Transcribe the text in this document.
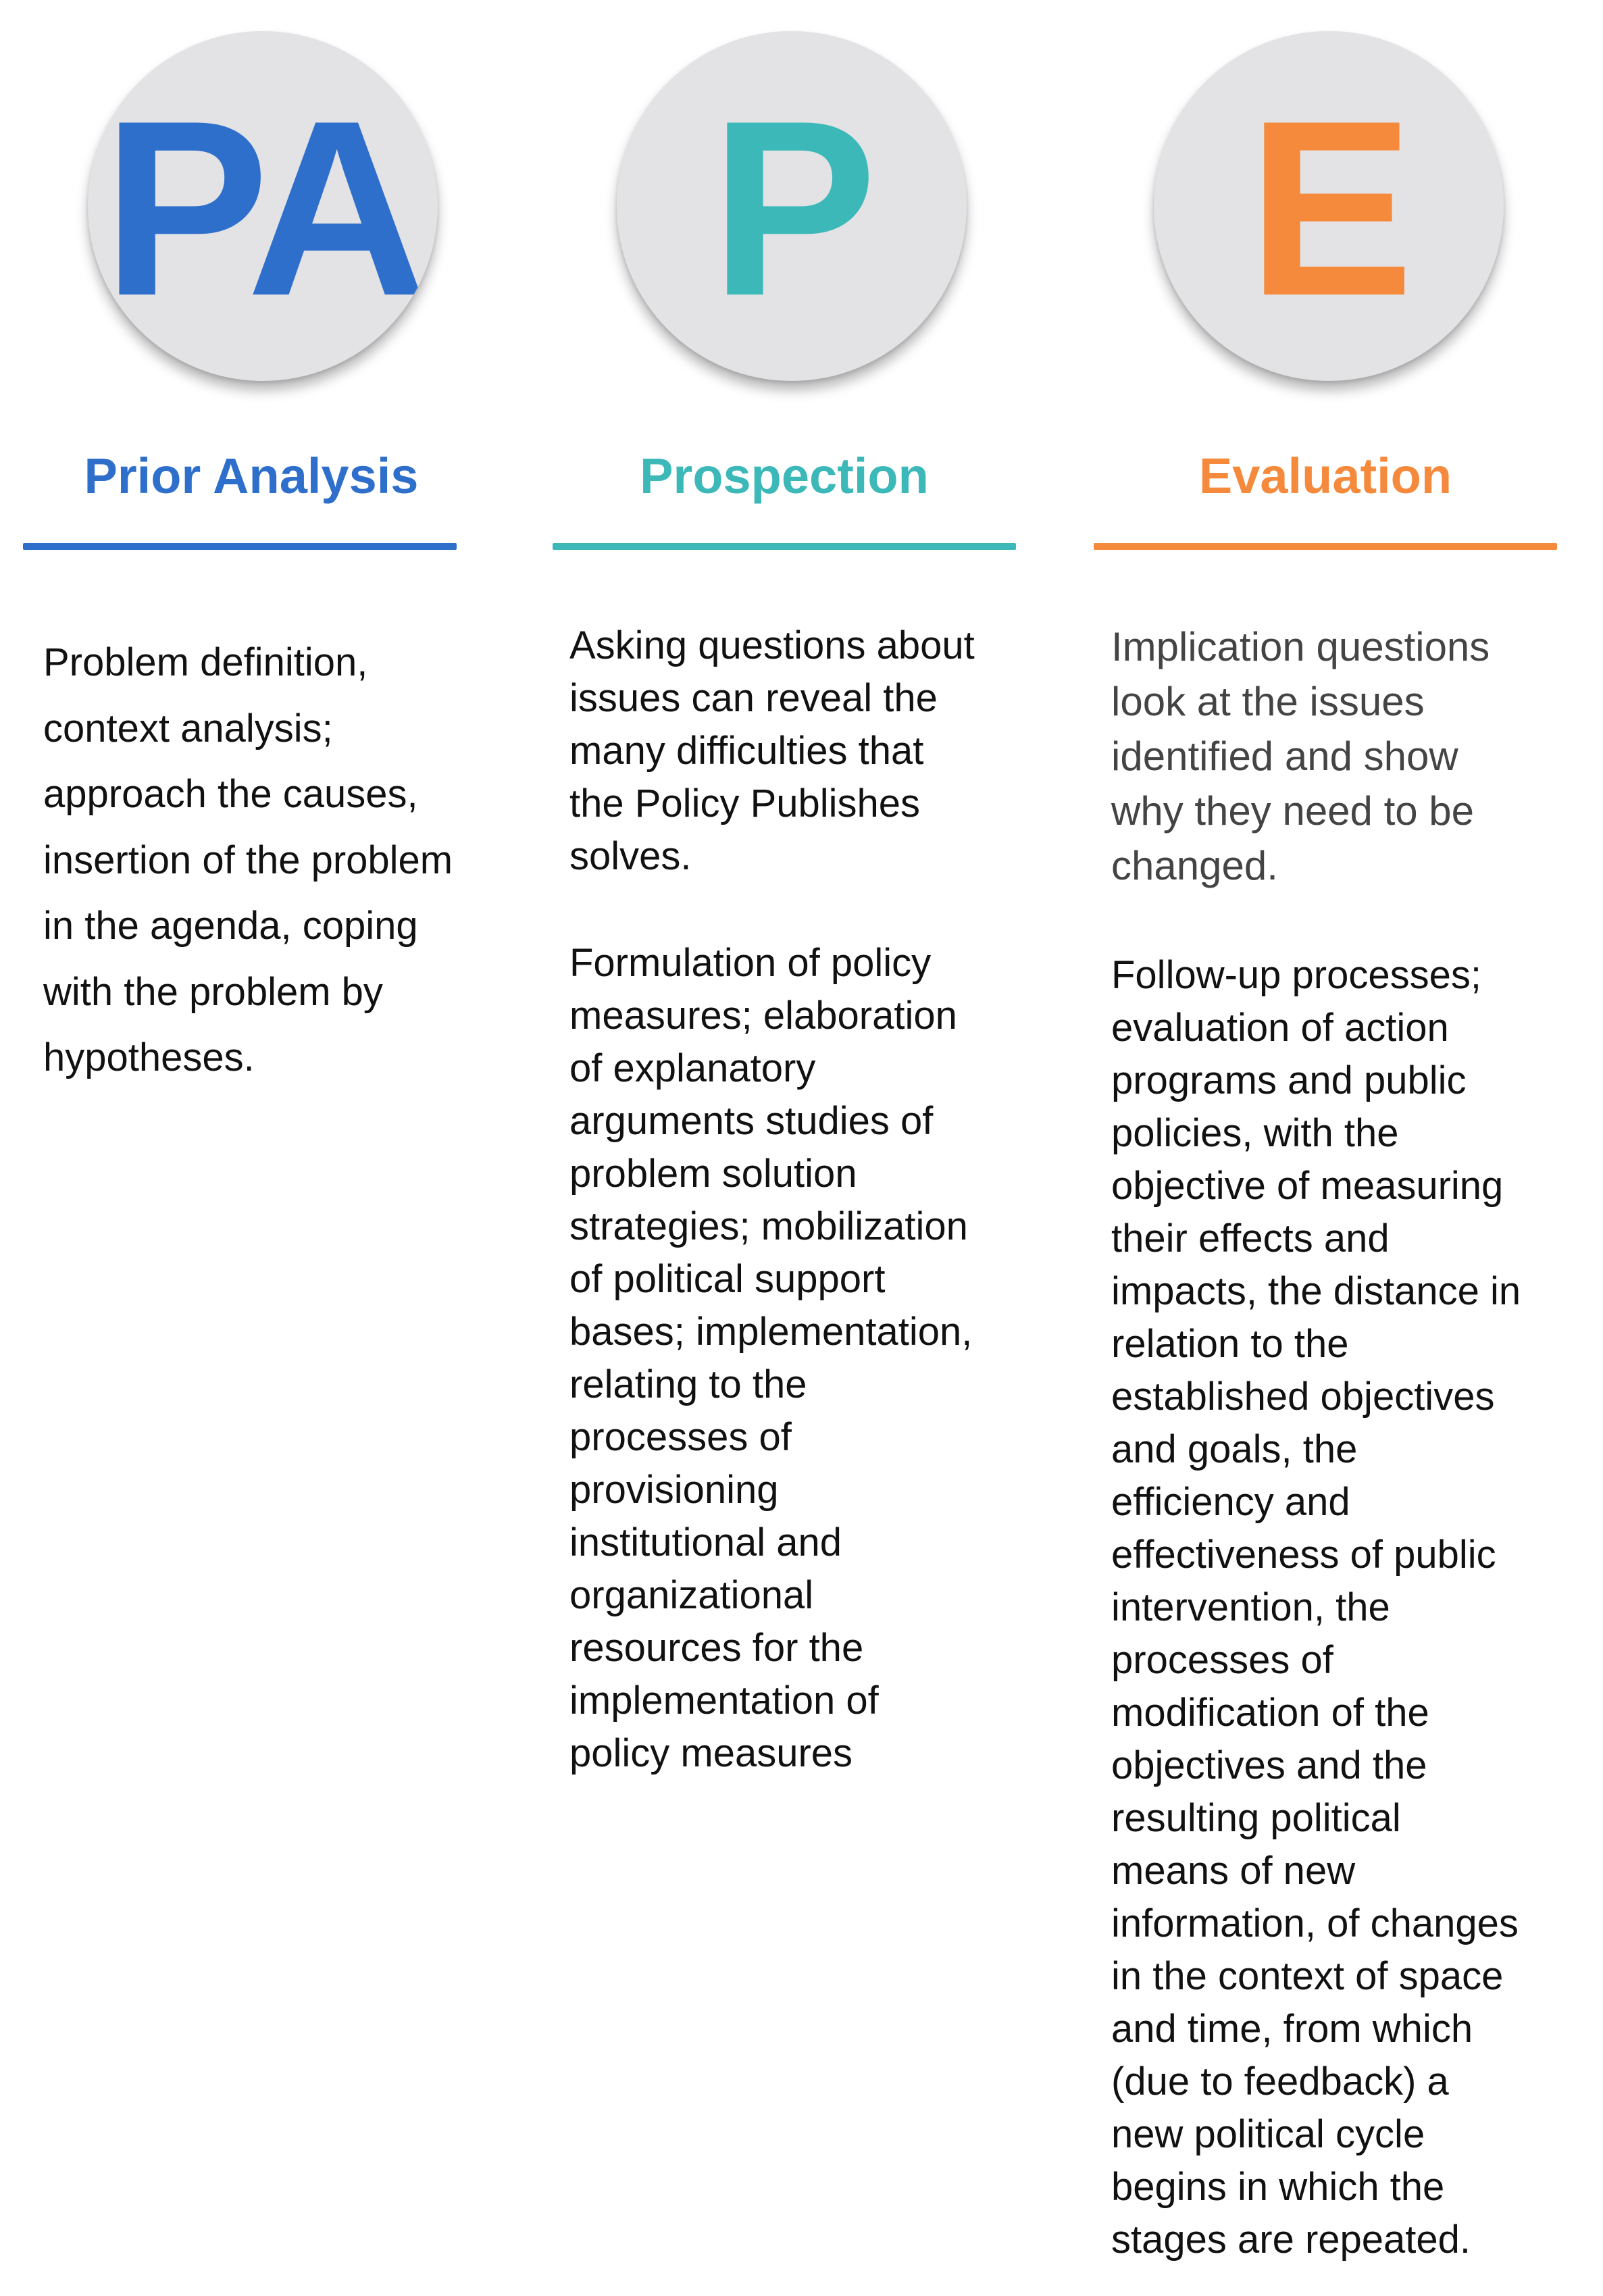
PA
Prior Analysis

Problem definition,
context analysis;
approach the causes,
insertion of the problem
in the agenda, coping
with the problem by
hypotheses.

P
Prospection

Asking questions about
issues can reveal the
many difficulties that
the Policy Publishes
solves.

Formulation of policy
measures; elaboration
of explanatory
arguments studies of
problem solution
strategies; mobilization
of political support
bases; implementation,
relating to the
processes of
provisioning
institutional and
organizational
resources for the
implementation of
policy measures

E
Evaluation

Implication questions
look at the issues
identified and show
why they need to be
changed.

Follow-up processes;
evaluation of action
programs and public
policies, with the
objective of measuring
their effects and
impacts, the distance in
relation to the
established objectives
and goals, the
efficiency and
effectiveness of public
intervention, the
processes of
modification of the
objectives and the
resulting political
means of new
information, of changes
in the context of space
and time, from which
(due to feedback) a
new political cycle
begins in which the
stages are repeated.
